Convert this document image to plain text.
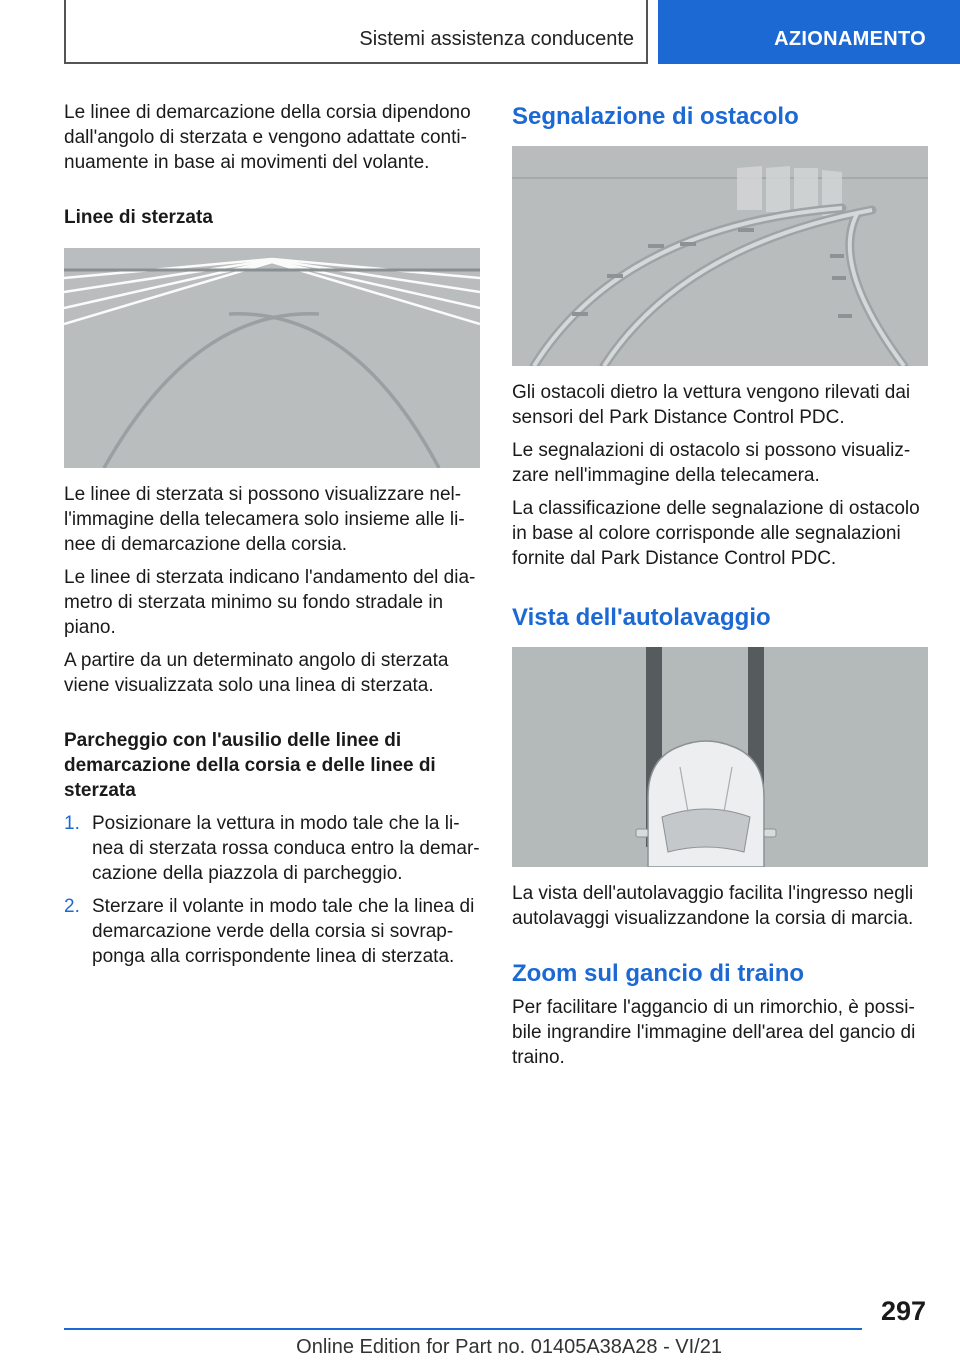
Sistemi assistenza conducente	AZIONAMENTO

Le linee di demarcazione della corsia dipendono dall'angolo di sterzata e vengono adattate continuamente in base ai movimenti del volante.

Linee di sterzata

Le linee di sterzata si possono visualizzare nell'immagine della telecamera solo insieme alle linee di demarcazione della corsia.

Le linee di sterzata indicano l'andamento del diametro di sterzata minimo su fondo stradale in piano.

A partire da un determinato angolo di sterzata viene visualizzata solo una linea di sterzata.

Parcheggio con l'ausilio delle linee di demarcazione della corsia e delle linee di sterzata
1. Posizionare la vettura in modo tale che la linea di sterzata rossa conduca entro la demarcazione della piazzola di parcheggio.
2. Sterzare il volante in modo tale che la linea di demarcazione verde della corsia si sovrapponga alla corrispondente linea di sterzata.
Segnalazione di ostacolo

Gli ostacoli dietro la vettura vengono rilevati dai sensori del Park Distance Control PDC.

Le segnalazioni di ostacolo si possono visualizzare nell'immagine della telecamera.

La classificazione delle segnalazione di ostacolo in base al colore corrisponde alle segnalazioni fornite dal Park Distance Control PDC.

Vista dell'autolavaggio

La vista dell'autolavaggio facilita l'ingresso negli autolavaggi visualizzandone la corsia di marcia.

Zoom sul gancio di traino

Per facilitare l'aggancio di un rimorchio, è possibile ingrandire l'immagine dell'area del gancio di traino.

297
Online Edition for Part no. 01405A38A28 - VI/21
